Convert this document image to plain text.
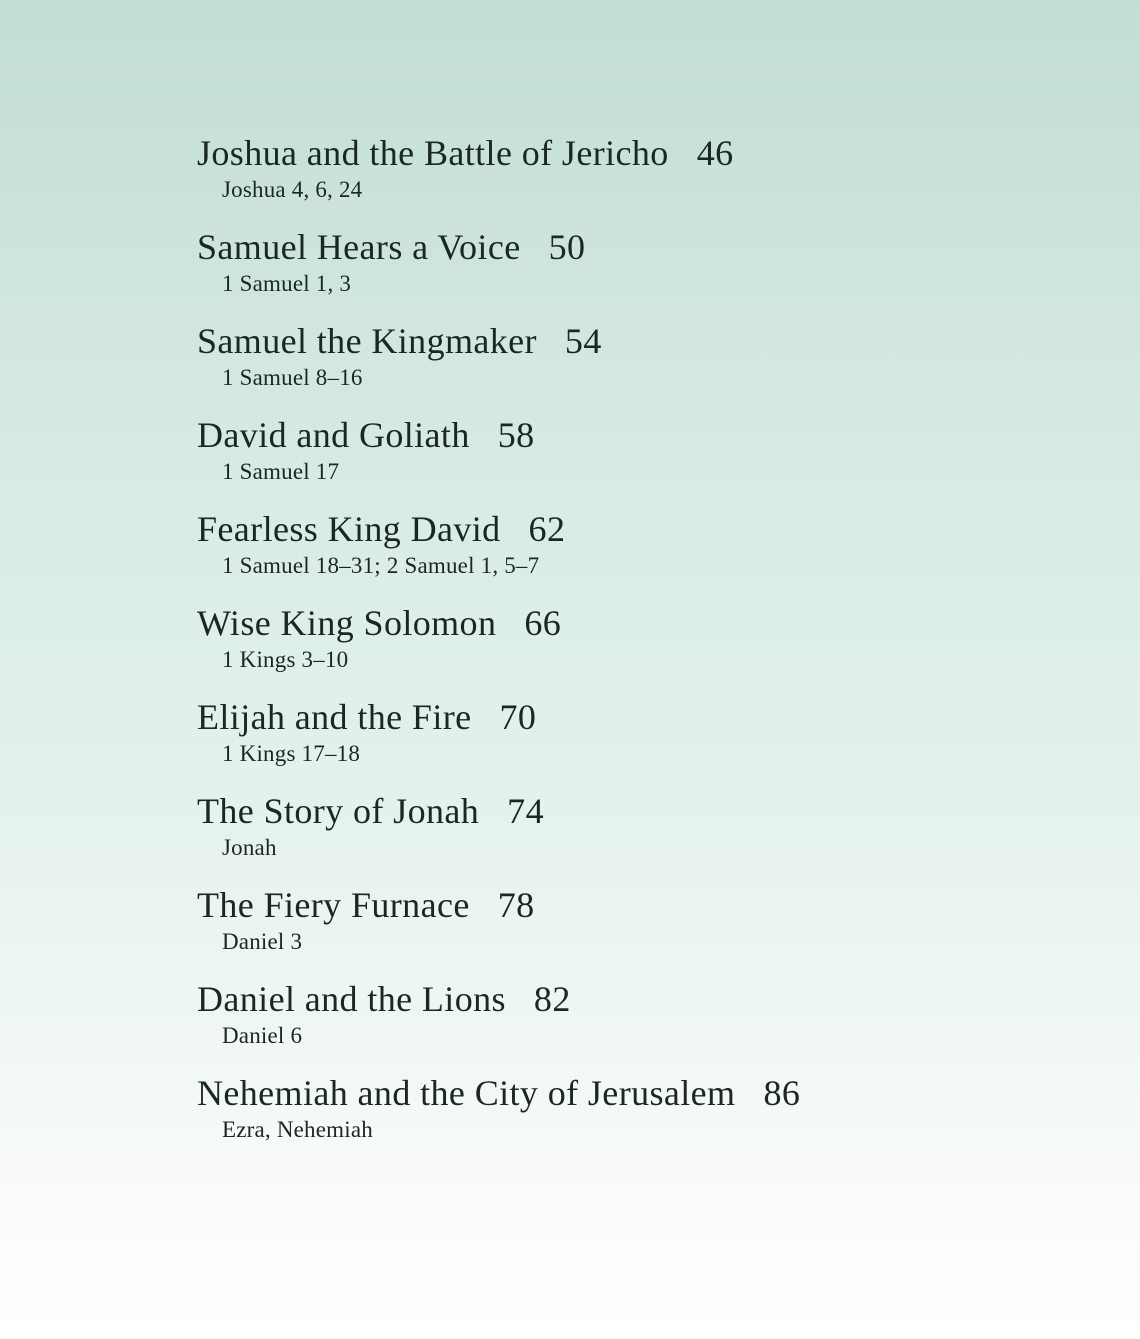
Joshua and the Battle of Jericho 46
Joshua 4, 6, 24
Samuel Hears a Voice 50
1 Samuel 1, 3
Samuel the Kingmaker 54
1 Samuel 8–16
David and Goliath 58
1 Samuel 17
Fearless King David 62
1 Samuel 18–31; 2 Samuel 1, 5–7
Wise King Solomon 66
1 Kings 3–10
Elijah and the Fire 70
1 Kings 17–18
The Story of Jonah 74
Jonah
The Fiery Furnace 78
Daniel 3
Daniel and the Lions 82
Daniel 6
Nehemiah and the City of Jerusalem 86
Ezra, Nehemiah
